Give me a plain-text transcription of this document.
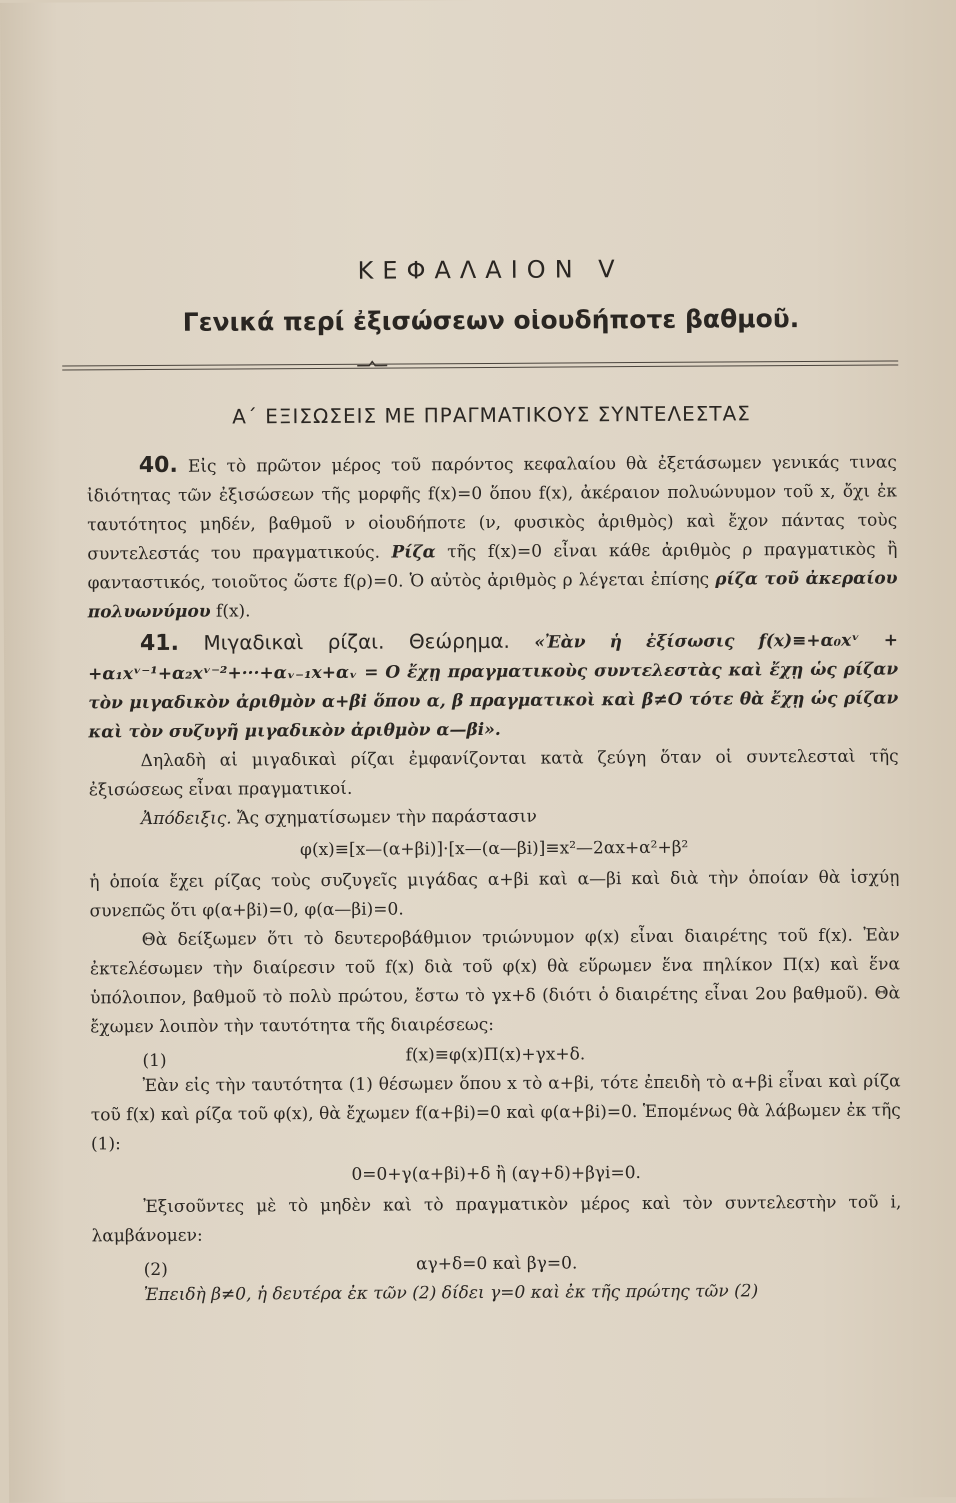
ΚΕΦΑΛΑΙΟΝ V
Γενικά περί ἐξισώσεων οἱουδήποτε βαθμοῦ.
Α΄ ΕΞΙΣΩΣΕΙΣ ΜΕ ΠΡΑΓΜΑΤΙΚΟΥΣ ΣΥΝΤΕΛΕΣΤΑΣ

40. Εἰς τὸ πρῶτον μέρος τοῦ παρόντος κεφαλαίου θὰ ἐξετάσωμεν γενικάς τινας ἰδιότητας τῶν ἐξισώσεων τῆς μορφῆς f(x)=0 ὅπου f(x), ἀκέραιον πολυώνυμον τοῦ x, ὄχι ἐκ ταυτότητος μηδέν, βαθμοῦ ν οἱουδήποτε (ν, φυσικὸς ἀριθμὸς) καὶ ἔχον πάντας τοὺς συντελεστάς του πραγματικούς. Ρίζα τῆς f(x)=0 εἶναι κάθε ἀριθμὸς ρ πραγματικὸς ἢ φανταστικός, τοιοῦτος ὥστε f(ρ)=0. Ὁ αὐτὸς ἀριθμὸς ρ λέγεται ἐπίσης ρίζα τοῦ ἀκεραίου πολυωνύμου f(x).

41. Μιγαδικαὶ ρίζαι. Θεώρημα. «Ἐὰν ἡ ἐξίσωσις f(x)≡+α₀xᵛ + +α₁xᵛ⁻¹+α₂xᵛ⁻²+···+αᵥ₋₁x+αᵥ = O ἔχῃ πραγματικοὺς συντελεστὰς καὶ ἔχῃ ὡς ρίζαν τὸν μιγαδικὸν ἀριθμὸν α+βi ὅπου α, β πραγματικοὶ καὶ β≠O τότε θὰ ἔχῃ ὡς ρίζαν καὶ τὸν συζυγῆ μιγαδικὸν ἀριθμὸν α—βi».

Δηλαδὴ αἱ μιγαδικαὶ ρίζαι ἐμφανίζονται κατὰ ζεύγη ὅταν οἱ συντελεσταὶ τῆς ἐξισώσεως εἶναι πραγματικοί.

Ἀπόδειξις. Ἄς σχηματίσωμεν τὴν παράστασιν

φ(x)≡[x—(α+βi)]·[x—(α—βi)]≡x²—2αx+α²+β²

ἡ ὁποία ἔχει ρίζας τοὺς συζυγεῖς μιγάδας α+βi καὶ α—βi καὶ διὰ τὴν ὁποίαν θὰ ἰσχύῃ συνεπῶς ὅτι φ(α+βi)=0, φ(α—βi)=0.

Θὰ δείξωμεν ὅτι τὸ δευτεροβάθμιον τριώνυμον φ(x) εἶναι διαιρέτης τοῦ f(x). Ἐὰν ἐκτελέσωμεν τὴν διαίρεσιν τοῦ f(x) διὰ τοῦ φ(x) θὰ εὕρωμεν ἕνα πηλίκον Π(x) καὶ ἕνα ὑπόλοιπον, βαθμοῦ τὸ πολὺ πρώτου, ἔστω τὸ γx+δ (διότι ὁ διαιρέτης εἶναι 2ου βαθμοῦ). Θὰ ἔχωμεν λοιπὸν τὴν ταυτότητα τῆς διαιρέσεως:

(1)	f(x)≡φ(x)Π(x)+γx+δ.

Ἐὰν εἰς τὴν ταυτότητα (1) θέσωμεν ὅπου x τὸ α+βi, τότε ἐπειδὴ τὸ α+βi εἶναι καὶ ρίζα τοῦ f(x) καὶ ρίζα τοῦ φ(x), θὰ ἔχωμεν f(α+βi)=0 καὶ φ(α+βi)=0. Ἑπομένως θὰ λάβωμεν ἐκ τῆς (1):

0=0+γ(α+βi)+δ ἢ (αγ+δ)+βγi=0.

Ἐξισοῦντες μὲ τὸ μηδὲν καὶ τὸ πραγματικὸν μέρος καὶ τὸν συντελεστὴν τοῦ i, λαμβάνομεν:

(2)	αγ+δ=0 καὶ βγ=0.

Ἐπειδὴ β≠0, ἡ δευτέρα ἐκ τῶν (2) δίδει γ=0 καὶ ἐκ τῆς πρώτης τῶν (2)
